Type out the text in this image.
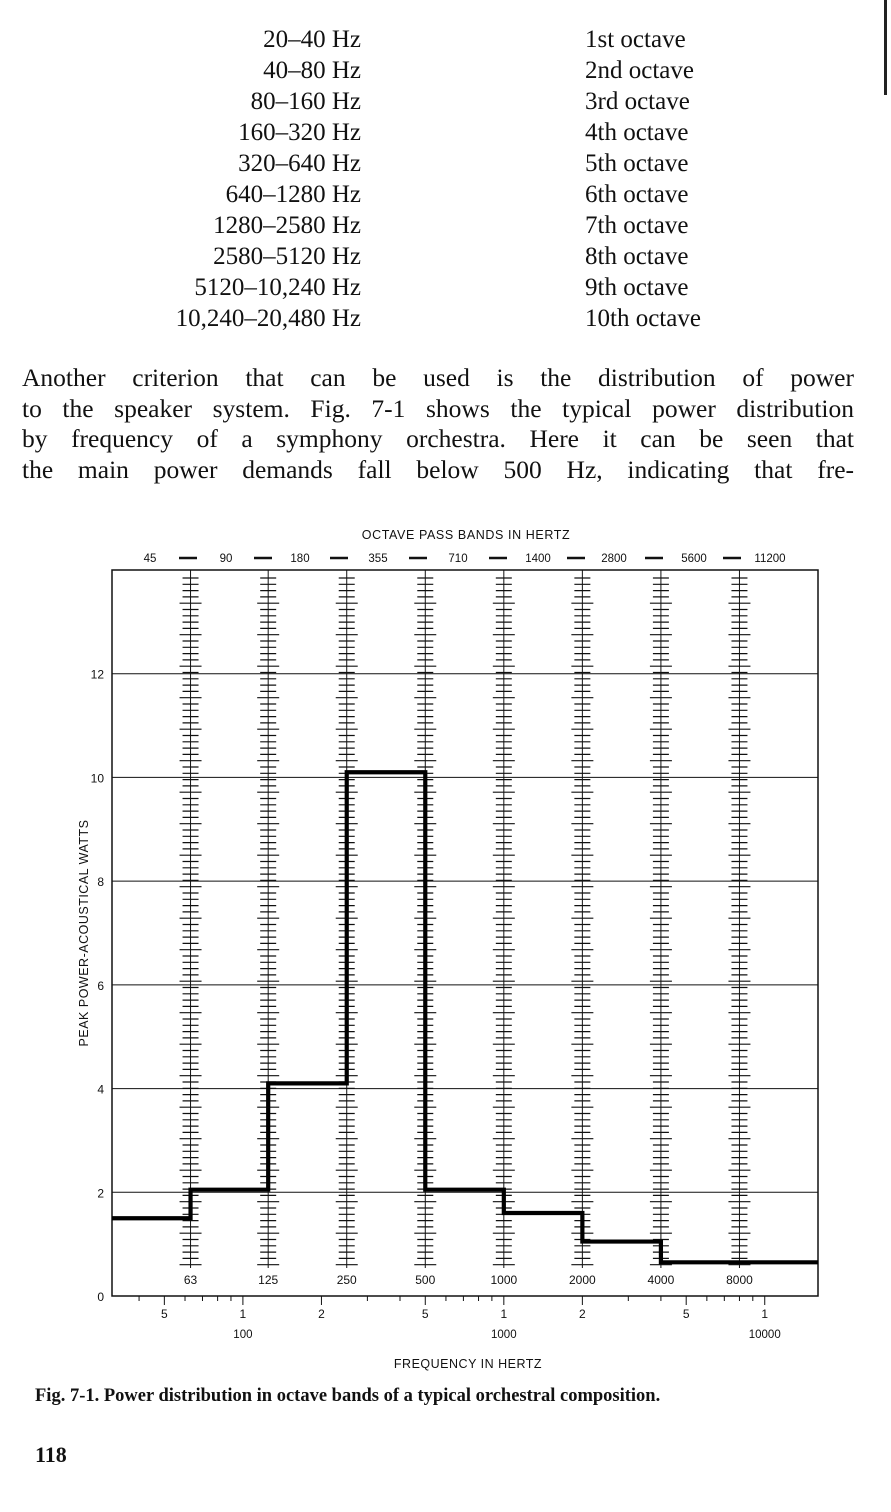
20–40 Hz	1st octave
40–80 Hz	2nd octave
80–160 Hz	3rd octave
160–320 Hz	4th octave
320–640 Hz	5th octave
640–1280 Hz	6th octave
1280–2580 Hz	7th octave
2580–5120 Hz	8th octave
5120–10,240 Hz	9th octave
10,240–20,480 Hz	10th octave
Another criterion that can be used is the distribution of power
to the speaker system. Fig. 7-1 shows the typical power distribution
by frequency of a symphony orchestra. Here it can be seen that
the main power demands fall below 500 Hz, indicating that fre-
0
2
4
6
8
10
12
PEAK POWER-ACOUSTICAL WATTS
63	125	250	500	1000	2000	4000	8000
OCTAVE PASS BANDS IN HERTZ
45	90	180	355	710	1400	2800	5600	11200
5	1	2	5	1	2	5	1
100	1000	10000
FREQUENCY IN HERTZ
Fig. 7-1. Power distribution in octave bands of a typical orchestral composition.
118
